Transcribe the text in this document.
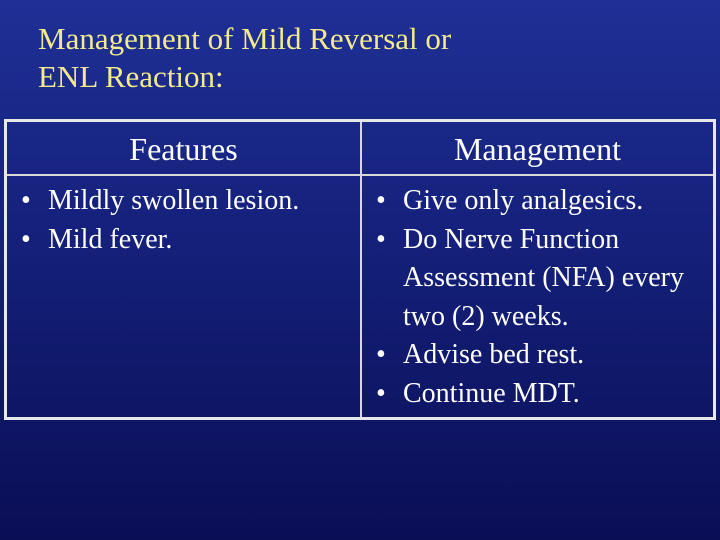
Management of Mild Reversal or
ENL Reaction:
Features
• Mildly swollen lesion.
• Mild fever.
Management
• Give only analgesics.
• Do Nerve Function Assessment (NFA) every two (2) weeks.
• Advise bed rest.
• Continue MDT.
